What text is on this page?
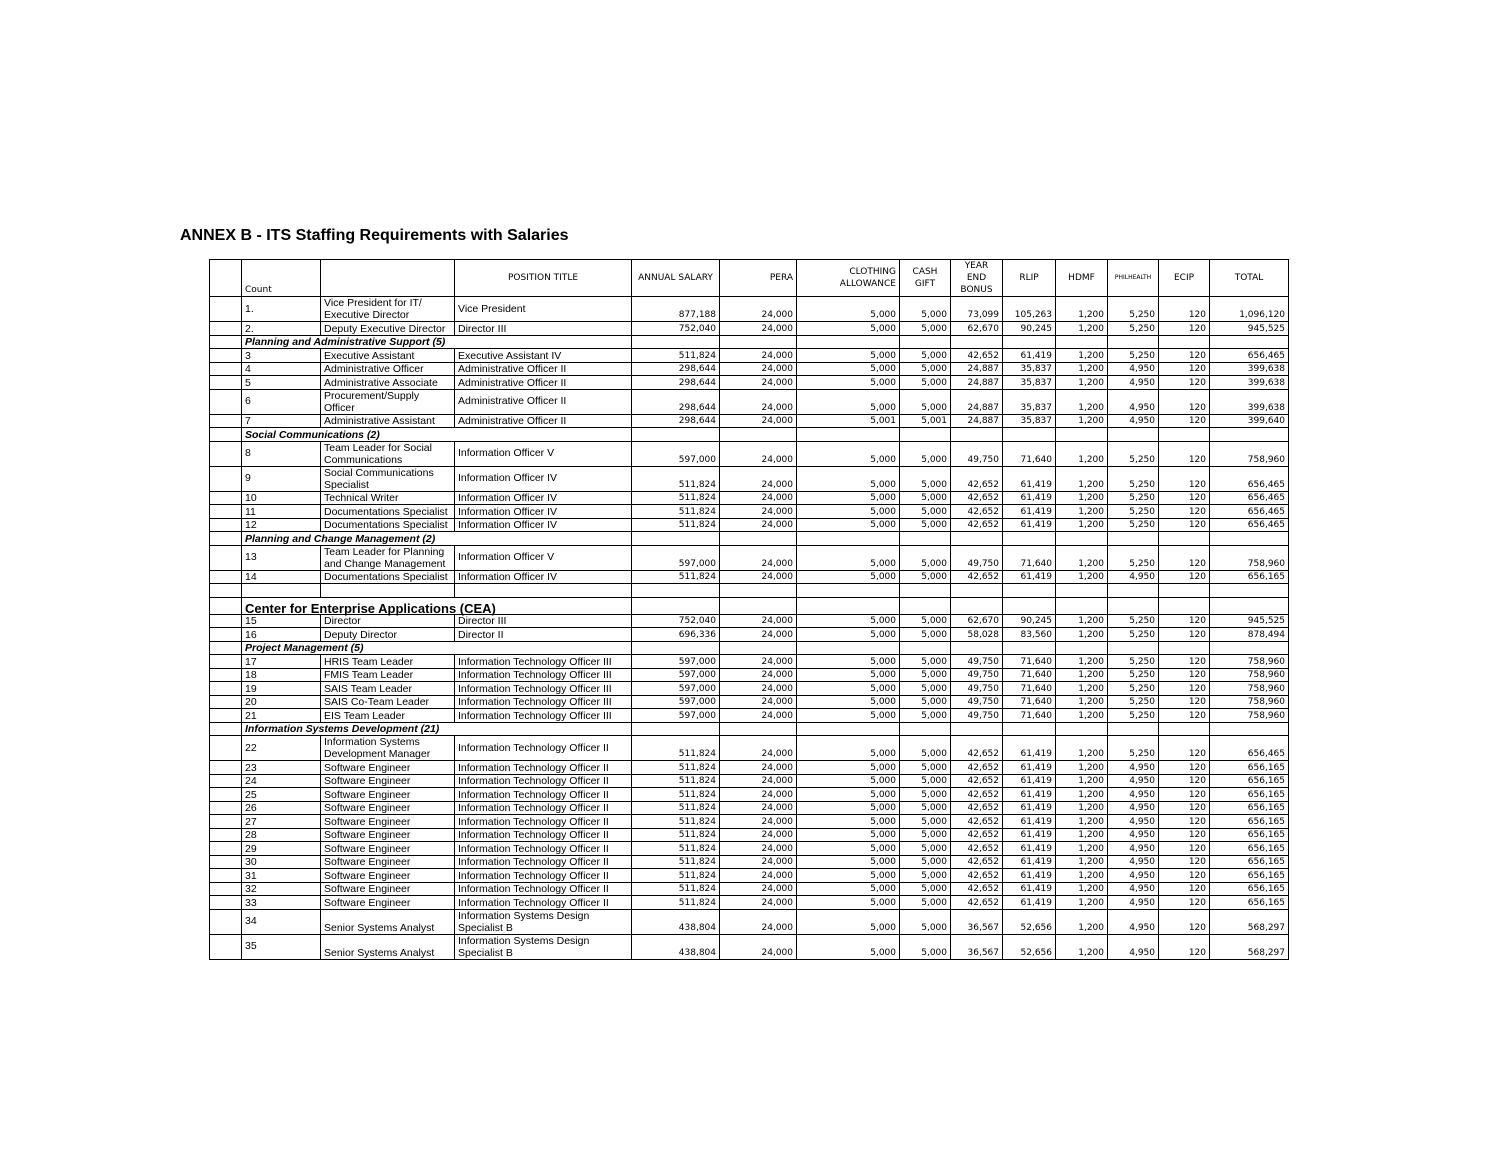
ANNEX B - ITS Staffing Requirements with Salaries
	Count		POSITION TITLE	ANNUAL SALARY	PERA	CLOTHING ALLOWANCE	CASH GIFT	YEAR END BONUS	RLIP	HDMF	PHILHEALTH	ECIP	TOTAL
	1.	Vice President for IT/ Executive Director	Vice President	877,188	24,000	5,000	5,000	73,099	105,263	1,200	5,250	120	1,096,120
	2.	Deputy Executive Director	Director III	752,040	24,000	5,000	5,000	62,670	90,245	1,200	5,250	120	945,525
	Planning and Administrative Support (5)												
	3	Executive Assistant	Executive Assistant IV	511,824	24,000	5,000	5,000	42,652	61,419	1,200	5,250	120	656,465
	4	Administrative Officer	Administrative Officer II	298,644	24,000	5,000	5,000	24,887	35,837	1,200	4,950	120	399,638
	5	Administrative Associate	Administrative Officer II	298,644	24,000	5,000	5,000	24,887	35,837	1,200	4,950	120	399,638
	6	Procurement/Supply Officer	Administrative Officer II	298,644	24,000	5,000	5,000	24,887	35,837	1,200	4,950	120	399,638
	7	Administrative Assistant	Administrative Officer II	298,644	24,000	5,001	5,001	24,887	35,837	1,200	4,950	120	399,640
	Social Communications (2)												
	8	Team Leader for Social Communications	Information Officer V	597,000	24,000	5,000	5,000	49,750	71,640	1,200	5,250	120	758,960
	9	Social Communications Specialist	Information Officer IV	511,824	24,000	5,000	5,000	42,652	61,419	1,200	5,250	120	656,465
	10	Technical Writer	Information Officer IV	511,824	24,000	5,000	5,000	42,652	61,419	1,200	5,250	120	656,465
	11	Documentations Specialist	Information Officer IV	511,824	24,000	5,000	5,000	42,652	61,419	1,200	5,250	120	656,465
	12	Documentations Specialist	Information Officer IV	511,824	24,000	5,000	5,000	42,652	61,419	1,200	5,250	120	656,465
	Planning and Change Management (2)												
	13	Team Leader for Planning and Change Management	Information Officer V	597,000	24,000	5,000	5,000	49,750	71,640	1,200	5,250	120	758,960
	14	Documentations Specialist	Information Officer IV	511,824	24,000	5,000	5,000	42,652	61,419	1,200	4,950	120	656,165

	Center for Enterprise Applications (CEA)												
	15	Director	Director III	752,040	24,000	5,000	5,000	62,670	90,245	1,200	5,250	120	945,525
	16	Deputy Director	Director II	696,336	24,000	5,000	5,000	58,028	83,560	1,200	5,250	120	878,494
	Project Management (5)												
	17	HRIS Team Leader	Information Technology Officer III	597,000	24,000	5,000	5,000	49,750	71,640	1,200	5,250	120	758,960
	18	FMIS Team Leader	Information Technology Officer III	597,000	24,000	5,000	5,000	49,750	71,640	1,200	5,250	120	758,960
	19	SAIS Team Leader	Information Technology Officer III	597,000	24,000	5,000	5,000	49,750	71,640	1,200	5,250	120	758,960
	20	SAIS Co-Team Leader	Information Technology Officer III	597,000	24,000	5,000	5,000	49,750	71,640	1,200	5,250	120	758,960
	21	EIS Team Leader	Information Technology Officer III	597,000	24,000	5,000	5,000	49,750	71,640	1,200	5,250	120	758,960
	Information Systems Development (21)												
	22	Information Systems Development Manager	Information Technology Officer II	511,824	24,000	5,000	5,000	42,652	61,419	1,200	5,250	120	656,465
	23	Software Engineer	Information Technology Officer II	511,824	24,000	5,000	5,000	42,652	61,419	1,200	4,950	120	656,165
	24	Software Engineer	Information Technology Officer II	511,824	24,000	5,000	5,000	42,652	61,419	1,200	4,950	120	656,165
	25	Software Engineer	Information Technology Officer II	511,824	24,000	5,000	5,000	42,652	61,419	1,200	4,950	120	656,165
	26	Software Engineer	Information Technology Officer II	511,824	24,000	5,000	5,000	42,652	61,419	1,200	4,950	120	656,165
	27	Software Engineer	Information Technology Officer II	511,824	24,000	5,000	5,000	42,652	61,419	1,200	4,950	120	656,165
	28	Software Engineer	Information Technology Officer II	511,824	24,000	5,000	5,000	42,652	61,419	1,200	4,950	120	656,165
	29	Software Engineer	Information Technology Officer II	511,824	24,000	5,000	5,000	42,652	61,419	1,200	4,950	120	656,165
	30	Software Engineer	Information Technology Officer II	511,824	24,000	5,000	5,000	42,652	61,419	1,200	4,950	120	656,165
	31	Software Engineer	Information Technology Officer II	511,824	24,000	5,000	5,000	42,652	61,419	1,200	4,950	120	656,165
	32	Software Engineer	Information Technology Officer II	511,824	24,000	5,000	5,000	42,652	61,419	1,200	4,950	120	656,165
	33	Software Engineer	Information Technology Officer II	511,824	24,000	5,000	5,000	42,652	61,419	1,200	4,950	120	656,165
	34	Senior Systems Analyst	Information Systems Design Specialist B	438,804	24,000	5,000	5,000	36,567	52,656	1,200	4,950	120	568,297
	35	Senior Systems Analyst	Information Systems Design Specialist B	438,804	24,000	5,000	5,000	36,567	52,656	1,200	4,950	120	568,297
